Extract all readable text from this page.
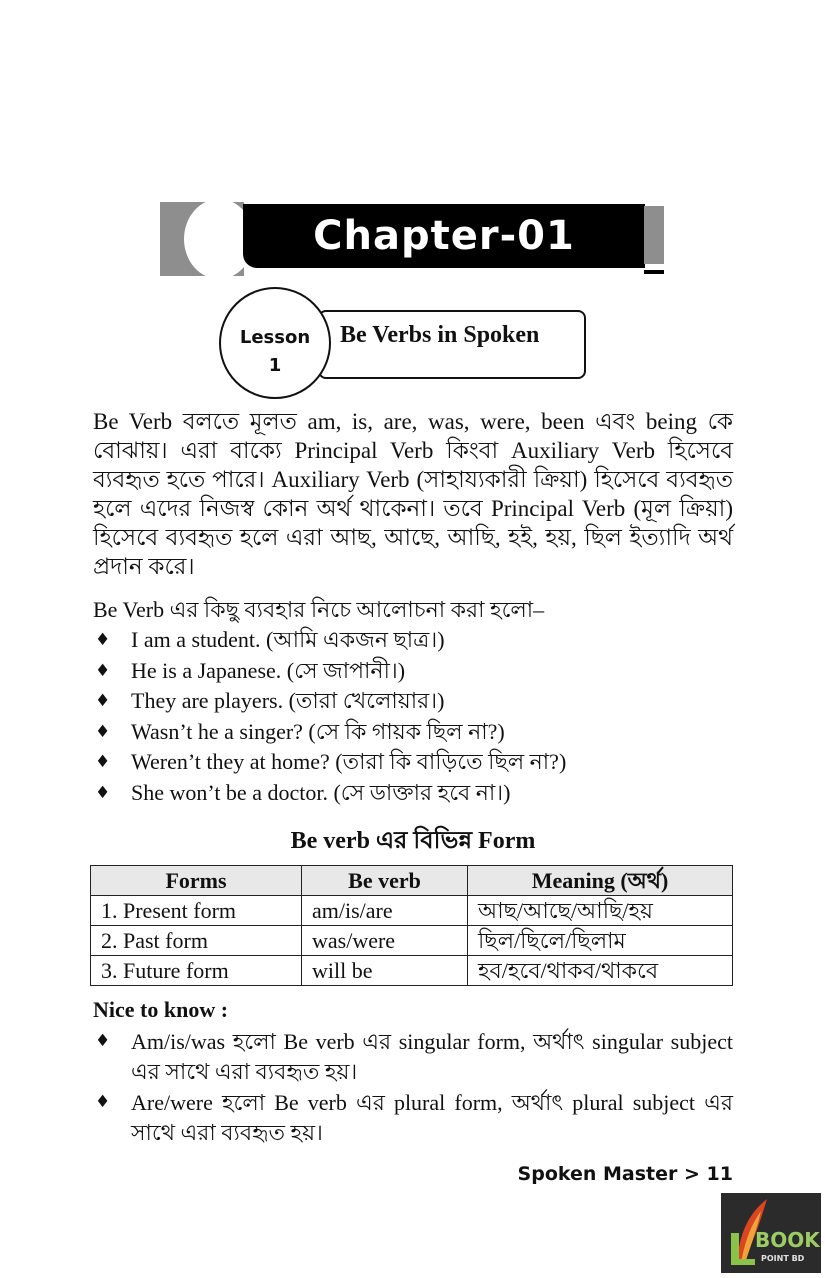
Chapter-01
Be Verbs in Spoken
Lesson
1
Be Verb বলতে মূলত am, is, are, was, were, been এবং being কে বোঝায়। এরা বাক্যে Principal Verb কিংবা Auxiliary Verb হিসেবে ব্যবহৃত হতে পারে। Auxiliary Verb (সাহায্যকারী ক্রিয়া) হিসেবে ব্যবহৃত হলে এদের নিজস্ব কোন অর্থ থাকেনা। তবে Principal Verb (মূল ক্রিয়া) হিসেবে ব্যবহৃত হলে এরা আছ, আছে, আছি, হই, হয়, ছিল ইত্যাদি অর্থ প্রদান করে।
Be Verb এর কিছু ব্যবহার নিচে আলোচনা করা হলো–
♦ I am a student. (আমি একজন ছাত্র।)
♦ He is a Japanese. (সে জাপানী।)
♦ They are players. (তারা খেলোয়ার।)
♦ Wasn’t he a singer? (সে কি গায়ক ছিল না?)
♦ Weren’t they at home? (তারা কি বাড়িতে ছিল না?)
♦ She won’t be a doctor. (সে ডাক্তার হবে না।)
Be verb এর বিভিন্ন Form
Forms	Be verb	Meaning (অর্থ)
1. Present form	am/is/are	আছ/আছে/আছি/হয়
2. Past form	was/were	ছিল/ছিলে/ছিলাম
3. Future form	will be	হব/হবে/থাকব/থাকবে
Nice to know :
♦ Am/is/was হলো Be verb এর singular form, অর্থাৎ singular subject এর সাথে এরা ব্যবহৃত হয়।
♦ Are/were হলো Be verb এর plural form, অর্থাৎ plural subject এর সাথে এরা ব্যবহৃত হয়।
Spoken Master > 11
BOOK
POINT BD
